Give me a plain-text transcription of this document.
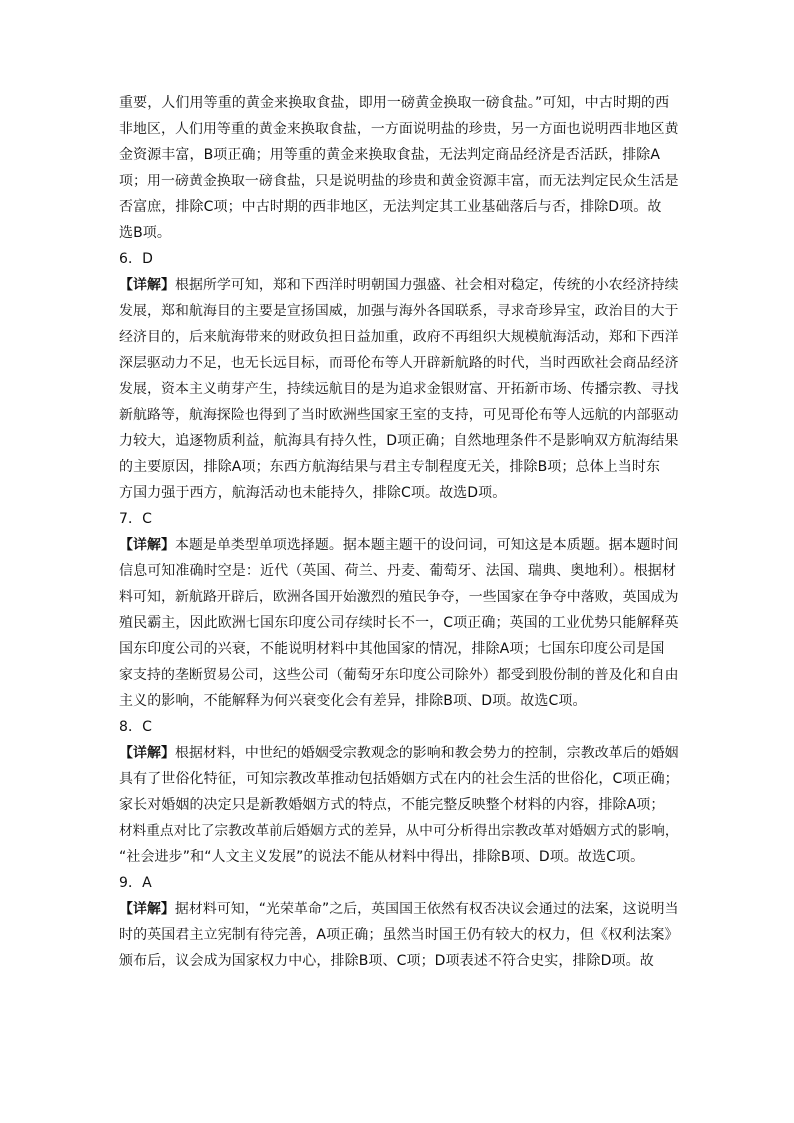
重要，人们用等重的黄金来换取食盐，即用一磅黄金换取一磅食盐。”可知，中古时期的西
非地区，人们用等重的黄金来换取食盐，一方面说明盐的珍贵，另一方面也说明西非地区黄
金资源丰富，B项正确；用等重的黄金来换取食盐，无法判定商品经济是否活跃，排除A
项；用一磅黄金换取一磅食盐，只是说明盐的珍贵和黄金资源丰富，而无法判定民众生活是
否富庶，排除C项；中古时期的西非地区，无法判定其工业基础落后与否，排除D项。故
选B项。
6．D
【详解】根据所学可知，郑和下西洋时明朝国力强盛、社会相对稳定，传统的小农经济持续
发展，郑和航海目的主要是宣扬国威，加强与海外各国联系，寻求奇珍异宝，政治目的大于
经济目的，后来航海带来的财政负担日益加重，政府不再组织大规模航海活动，郑和下西洋
深层驱动力不足，也无长远目标，而哥伦布等人开辟新航路的时代，当时西欧社会商品经济
发展，资本主义萌芽产生，持续远航目的是为追求金银财富、开拓新市场、传播宗教、寻找
新航路等，航海探险也得到了当时欧洲些国家王室的支持，可见哥伦布等人远航的内部驱动
力较大，追逐物质利益，航海具有持久性，D项正确；自然地理条件不是影响双方航海结果
的主要原因，排除A项；东西方航海结果与君主专制程度无关，排除B项；总体上当时东
方国力强于西方，航海活动也未能持久，排除C项。故选D项。
7．C
【详解】本题是单类型单项选择题。据本题主题干的设问词，可知这是本质题。据本题时间
信息可知准确时空是：近代（英国、荷兰、丹麦、葡萄牙、法国、瑞典、奥地利）。根据材
料可知，新航路开辟后，欧洲各国开始激烈的殖民争夺，一些国家在争夺中落败，英国成为
殖民霸主，因此欧洲七国东印度公司存续时长不一，C项正确；英国的工业优势只能解释英
国东印度公司的兴衰，不能说明材料中其他国家的情况，排除A项；七国东印度公司是国
家支持的垄断贸易公司，这些公司（葡萄牙东印度公司除外）都受到股份制的普及化和自由
主义的影响，不能解释为何兴衰变化会有差异，排除B项、D项。故选C项。
8．C
【详解】根据材料，中世纪的婚姻受宗教观念的影响和教会势力的控制，宗教改革后的婚姻
具有了世俗化特征，可知宗教改革推动包括婚姻方式在内的社会生活的世俗化，C项正确；
家长对婚姻的决定只是新教婚姻方式的特点，不能完整反映整个材料的内容，排除A项；
材料重点对比了宗教改革前后婚姻方式的差异，从中可分析得出宗教改革对婚姻方式的影响，
“社会进步”和“人文主义发展”的说法不能从材料中得出，排除B项、D项。故选C项。
9．A
【详解】据材料可知，“光荣革命”之后，英国国王依然有权否决议会通过的法案，这说明当
时的英国君主立宪制有待完善，A项正确；虽然当时国王仍有较大的权力，但《权利法案》
颁布后，议会成为国家权力中心，排除B项、C项；D项表述不符合史实，排除D项。故
